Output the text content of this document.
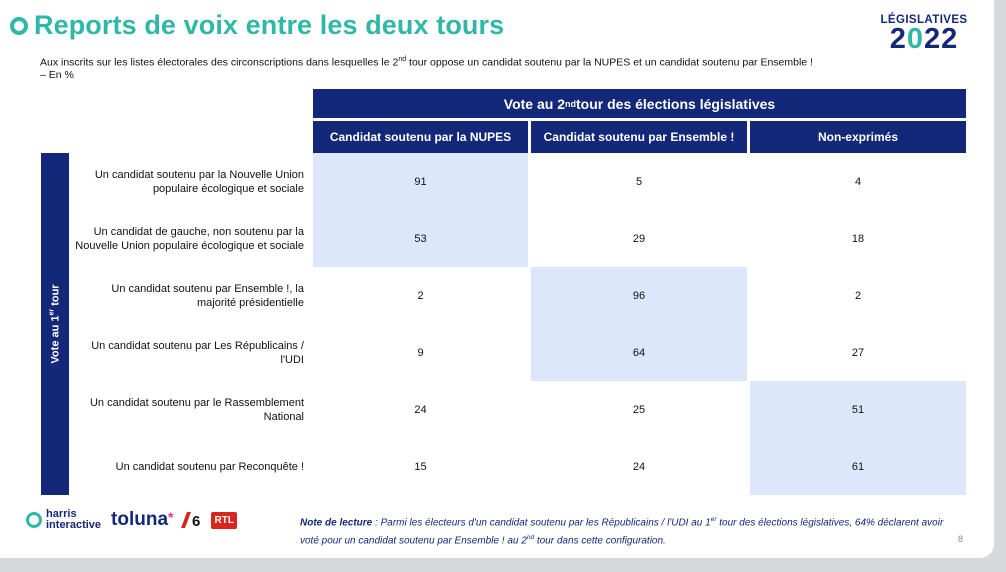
Reports de voix entre les deux tours	LÉGISLATIVES
2022
Aux inscrits sur les listes électorales des circonscriptions dans lesquelles le 2nd tour oppose un candidat soutenu par la NUPES et un candidat soutenu par Ensemble !
– En %
Vote au 2 nd tour des élections législatives
Candidat soutenu par la NUPES	Candidat soutenu par Ensemble !	Non-exprimés
Vote au 1er tour
Un candidat soutenu par la Nouvelle Union populaire écologique et sociale
91	5	4
Un candidat de gauche, non soutenu par la Nouvelle Union populaire écologique et sociale
53	29	18
Un candidat soutenu par Ensemble !, la majorité présidentielle
2	96	2
Un candidat soutenu par Les Républicains / l'UDI
9	64	27
Un candidat soutenu par le Rassemblement National
24	25	51
Un candidat soutenu par Reconquête !	15	24	61
harris
interactive toluna* 6	RTL	Note de lecture : Parmi les électeurs d'un candidat soutenu par les Républicains / l'UDI au 1er tour des élections législatives, 64% déclarent avoir voté pour un candidat soutenu par Ensemble ! au 2nd tour dans cette configuration.	8
